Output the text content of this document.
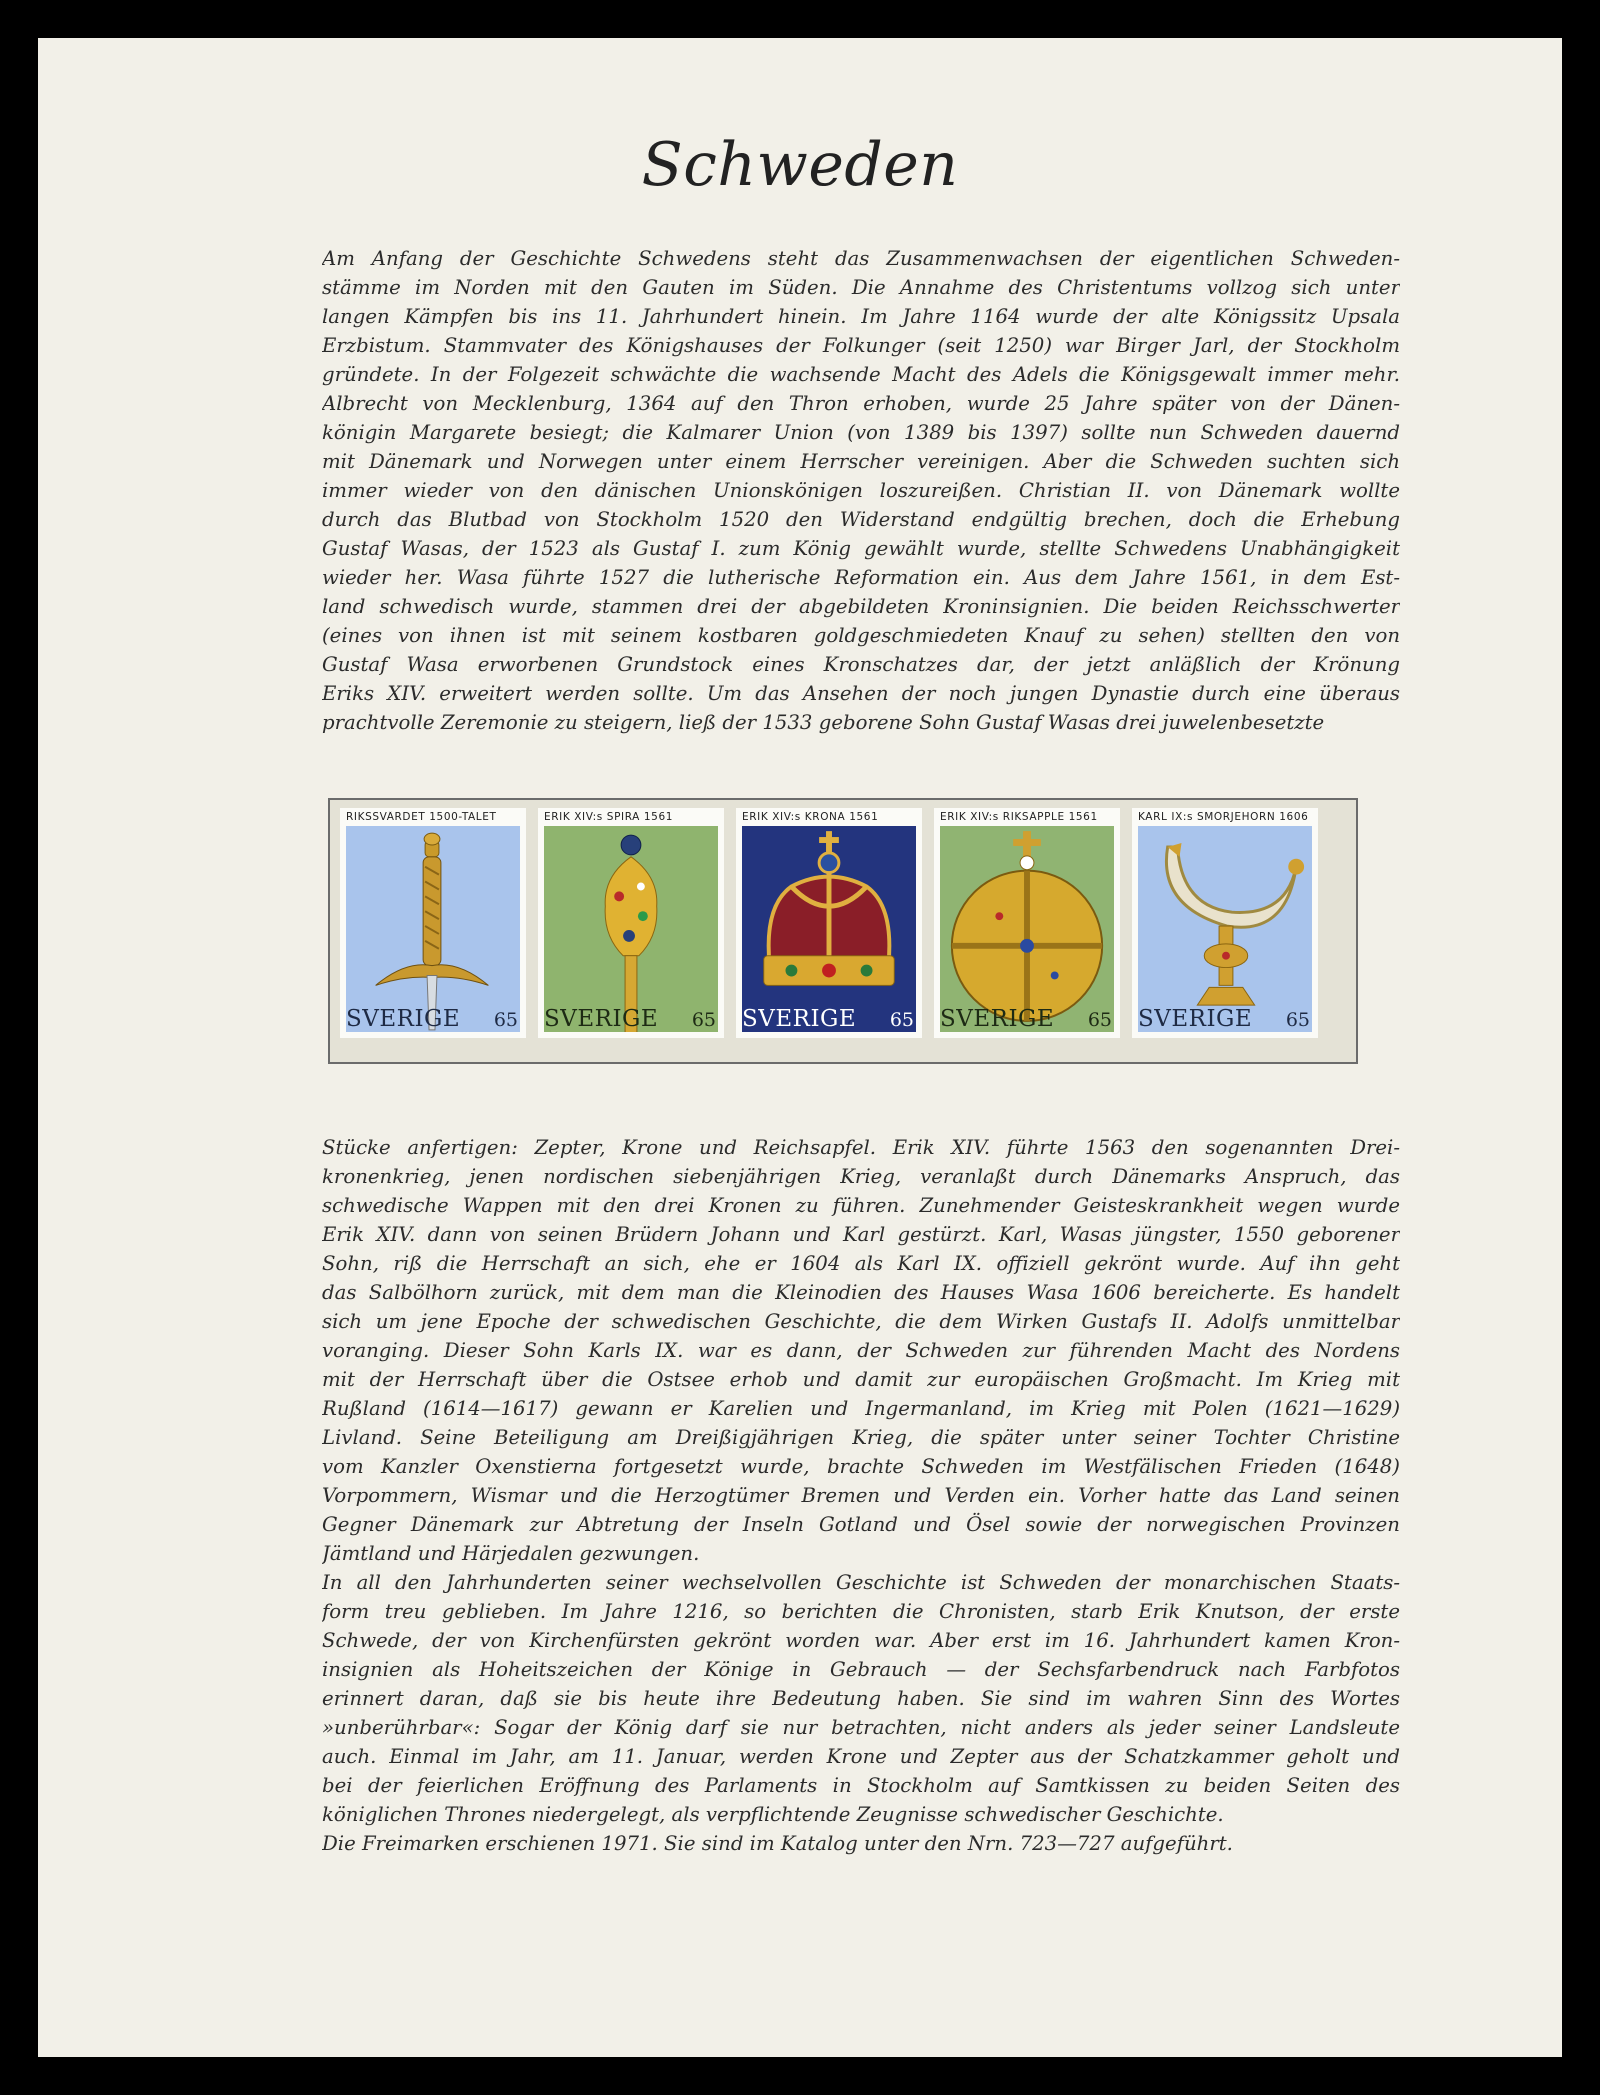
Schweden
Am Anfang der Geschichte Schwedens steht das Zusammenwachsen der eigentlichen Schweden-
stämme im Norden mit den Gauten im Süden. Die Annahme des Christentums vollzog sich unter
langen Kämpfen bis ins 11. Jahrhundert hinein. Im Jahre 1164 wurde der alte Königssitz Upsala
Erzbistum. Stammvater des Königshauses der Folkunger (seit 1250) war Birger Jarl, der Stockholm
gründete. In der Folgezeit schwächte die wachsende Macht des Adels die Königsgewalt immer mehr.
Albrecht von Mecklenburg, 1364 auf den Thron erhoben, wurde 25 Jahre später von der Dänen-
königin Margarete besiegt; die Kalmarer Union (von 1389 bis 1397) sollte nun Schweden dauernd
mit Dänemark und Norwegen unter einem Herrscher vereinigen. Aber die Schweden suchten sich
immer wieder von den dänischen Unionskönigen loszureißen. Christian II. von Dänemark wollte
durch das Blutbad von Stockholm 1520 den Widerstand endgültig brechen, doch die Erhebung
Gustaf Wasas, der 1523 als Gustaf I. zum König gewählt wurde, stellte Schwedens Unabhängigkeit
wieder her. Wasa führte 1527 die lutherische Reformation ein. Aus dem Jahre 1561, in dem Est-
land schwedisch wurde, stammen drei der abgebildeten Kroninsignien. Die beiden Reichsschwerter
(eines von ihnen ist mit seinem kostbaren goldgeschmiedeten Knauf zu sehen) stellten den von
Gustaf Wasa erworbenen Grundstock eines Kronschatzes dar, der jetzt anläßlich der Krönung
Eriks XIV. erweitert werden sollte. Um das Ansehen der noch jungen Dynastie durch eine überaus
prachtvolle Zeremonie zu steigern, ließ der 1533 geborene Sohn Gustaf Wasas drei juwelenbesetzte
RIKSSVÄRDET 1500-TALET
SVERIGE 65
ERIK XIV:s SPIRA 1561
SVERIGE 65
ERIK XIV:s KRONA 1561
SVERIGE 65
ERIK XIV:s RIKSÄPPLE 1561
SVERIGE 65
KARL IX:s SMÖRJEHORN 1606
SVERIGE 65
Stücke anfertigen: Zepter, Krone und Reichsapfel. Erik XIV. führte 1563 den sogenannten Drei-
kronenkrieg, jenen nordischen siebenjährigen Krieg, veranlaßt durch Dänemarks Anspruch, das
schwedische Wappen mit den drei Kronen zu führen. Zunehmender Geisteskrankheit wegen wurde
Erik XIV. dann von seinen Brüdern Johann und Karl gestürzt. Karl, Wasas jüngster, 1550 geborener
Sohn, riß die Herrschaft an sich, ehe er 1604 als Karl IX. offiziell gekrönt wurde. Auf ihn geht
das Salbölhorn zurück, mit dem man die Kleinodien des Hauses Wasa 1606 bereicherte. Es handelt
sich um jene Epoche der schwedischen Geschichte, die dem Wirken Gustafs II. Adolfs unmittelbar
voranging. Dieser Sohn Karls IX. war es dann, der Schweden zur führenden Macht des Nordens
mit der Herrschaft über die Ostsee erhob und damit zur europäischen Großmacht. Im Krieg mit
Rußland (1614—1617) gewann er Karelien und Ingermanland, im Krieg mit Polen (1621—1629)
Livland. Seine Beteiligung am Dreißigjährigen Krieg, die später unter seiner Tochter Christine
vom Kanzler Oxenstierna fortgesetzt wurde, brachte Schweden im Westfälischen Frieden (1648)
Vorpommern, Wismar und die Herzogtümer Bremen und Verden ein. Vorher hatte das Land seinen
Gegner Dänemark zur Abtretung der Inseln Gotland und Ösel sowie der norwegischen Provinzen
Jämtland und Härjedalen gezwungen.
In all den Jahrhunderten seiner wechselvollen Geschichte ist Schweden der monarchischen Staats-
form treu geblieben. Im Jahre 1216, so berichten die Chronisten, starb Erik Knutson, der erste
Schwede, der von Kirchenfürsten gekrönt worden war. Aber erst im 16. Jahrhundert kamen Kron-
insignien als Hoheitszeichen der Könige in Gebrauch — der Sechsfarbendruck nach Farbfotos
erinnert daran, daß sie bis heute ihre Bedeutung haben. Sie sind im wahren Sinn des Wortes
»unberührbar«: Sogar der König darf sie nur betrachten, nicht anders als jeder seiner Landsleute
auch. Einmal im Jahr, am 11. Januar, werden Krone und Zepter aus der Schatzkammer geholt und
bei der feierlichen Eröffnung des Parlaments in Stockholm auf Samtkissen zu beiden Seiten des
königlichen Thrones niedergelegt, als verpflichtende Zeugnisse schwedischer Geschichte.
Die Freimarken erschienen 1971. Sie sind im Katalog unter den Nrn. 723—727 aufgeführt.
